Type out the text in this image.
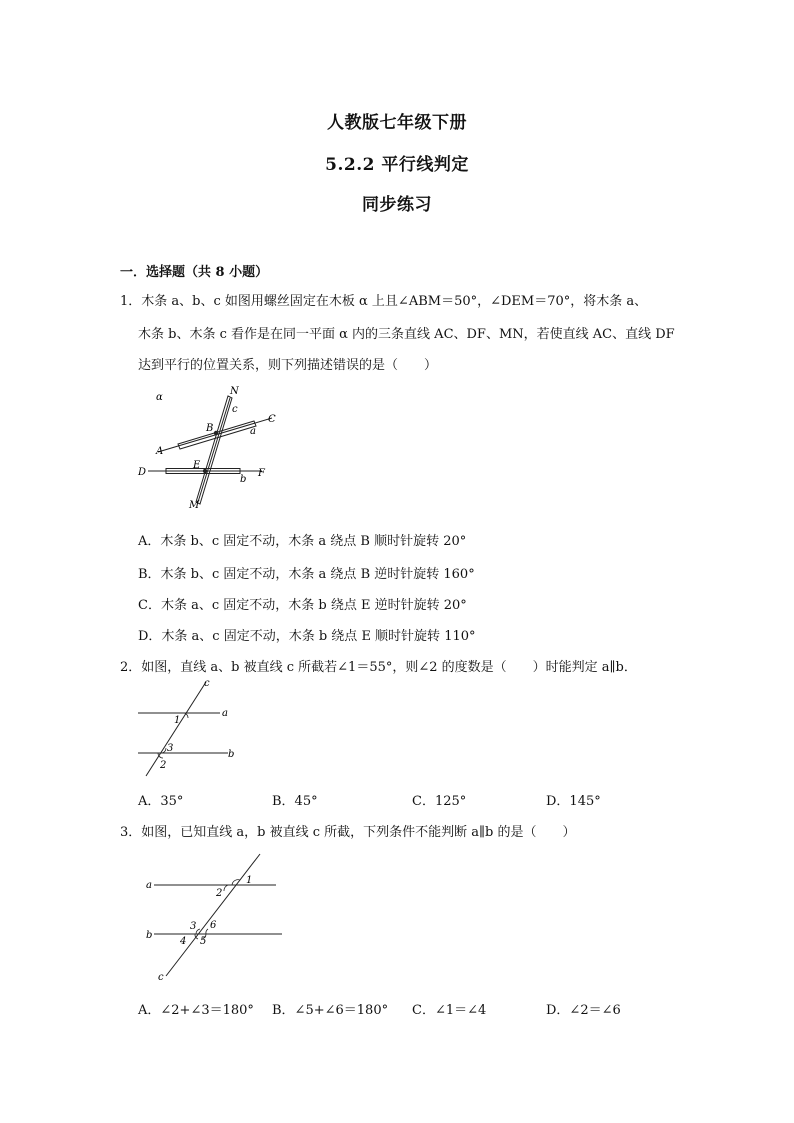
人教版七年级下册
5.2.2 平行线判定
同步练习
一．选择题（共 8 小题）
1．木条 a、b、c 如图用螺丝固定在木板 α 上且∠ABM＝50°，∠DEM＝70°，将木条 a、
木条 b、木条 c 看作是在同一平面 α 内的三条直线 AC、DF、MN，若使直线 AC、直线 DF
达到平行的位置关系，则下列描述错误的是（　　）
α
N
c
C
B	a
A
E
D	F
b
M
A．木条 b、c 固定不动，木条 a 绕点 B 顺时针旋转 20°
B．木条 b、c 固定不动，木条 a 绕点 B 逆时针旋转 160°
C．木条 a、c 固定不动，木条 b 绕点 E 逆时针旋转 20°
D．木条 a、c 固定不动，木条 b 绕点 E 顺时针旋转 110°
2．如图，直线 a、b 被直线 c 所截若∠1＝55°，则∠2 的度数是（　　）时能判定 a∥b．
c
a
b
1
3
2
A．35°	B．45°	C．125°	D．145°
3．如图，已知直线 a，b 被直线 c 所截，下列条件不能判断 a∥b 的是（　　）
a
b
c
1
2
3
4 5
6
A．∠2+∠3＝180° B．∠5+∠6＝180° C．∠1＝∠4	D．∠2＝∠6
